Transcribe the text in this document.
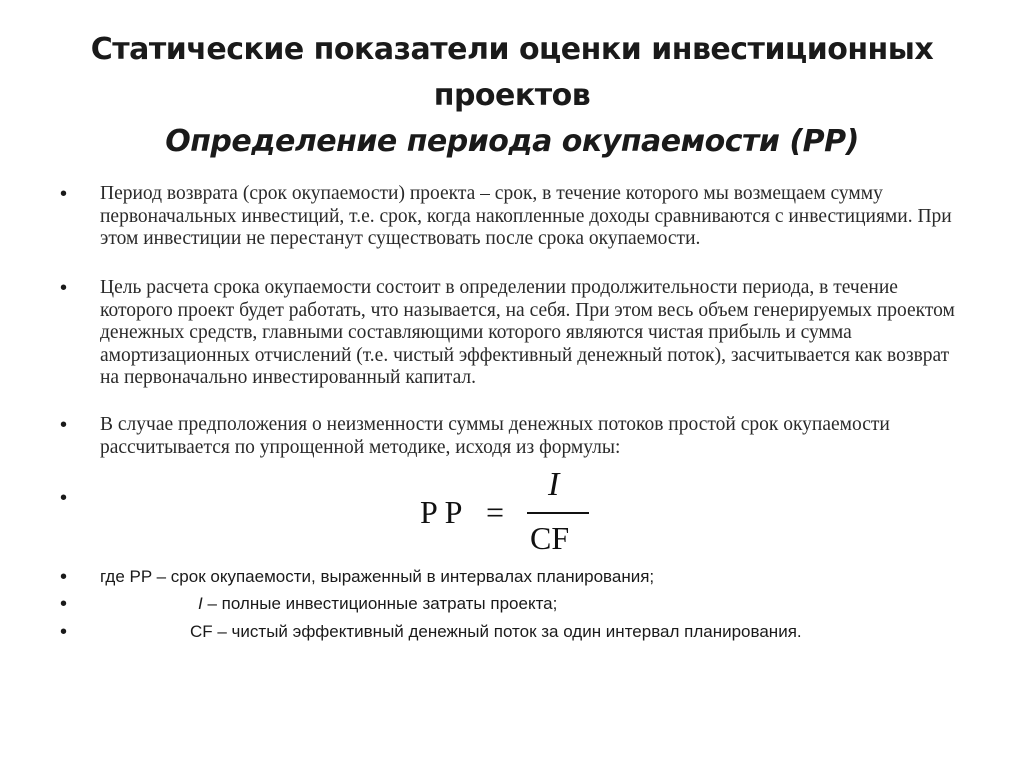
Статические показатели оценки инвестиционных
проектов
Определение периода окупаемости (PP)
• Период возврата (срок окупаемости) проекта – срок, в течение которого мы возмещаем сумму первоначальных инвестиций, т.е. срок, когда накопленные доходы сравниваются с инвестициями. При этом инвестиции не перестанут существовать после срока окупаемости.

• Цель расчета срока окупаемости состоит в определении продолжительности периода, в течение которого проект будет работать, что называется, на себя. При этом весь объем генерируемых проектом денежных средств, главными составляющими которого являются чистая прибыль и сумма амортизационных отчислений (т.е. чистый эффективный денежный поток), засчитывается как возврат на первоначально инвестированный капитал.

• В случае предположения о неизменности суммы денежных потоков простой срок окупаемости рассчитывается по упрощенной методике, исходя из формулы:

•	P P =
I
CF
• где PP – срок окупаемости, выраженный в интервалах планирования;

•	I – полные инвестиционные затраты проекта;

•	CF – чистый эффективный денежный поток за один интервал планирования.
